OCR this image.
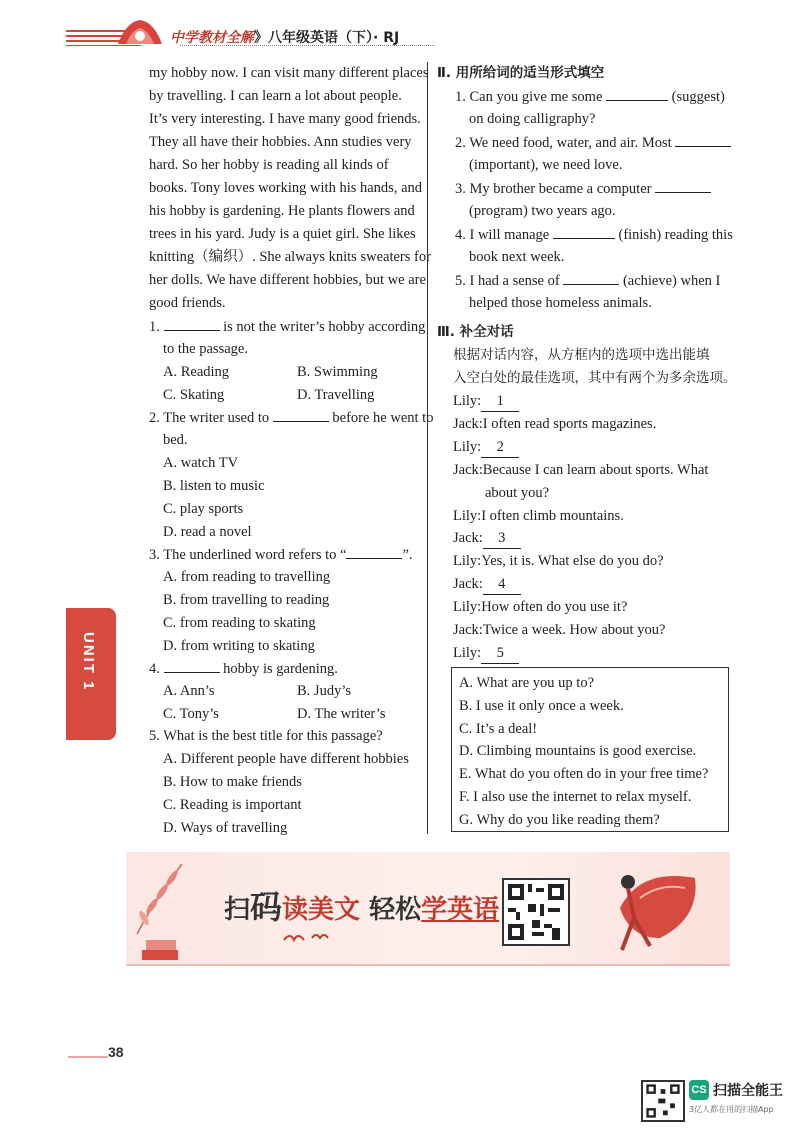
中学教材全解》八年级英语（下）· RJ
my hobby now. I can visit many different places
by travelling. I can learn a lot about people.
It’s very interesting. I have many good friends.
They all have their hobbies. Ann studies very
hard. So her hobby is reading all kinds of
books. Tony loves working with his hands, and
his hobby is gardening. He plants flowers and
trees in his yard. Judy is a quiet girl. She likes
knitting（编织）. She always knits sweaters for
her dolls. We have different hobbies, but we are
good friends.
1.	is not the writer’s hobby according
to the passage.
A. Reading	B. Swimming
C. Skating	D. Travelling
2. The writer used to	before he went to
bed.
A. watch TV
B. listen to music
C. play sports
D. read a novel
3. The underlined word refers to “	”.
A. from reading to travelling
B. from travelling to reading
C. from reading to skating
D. from writing to skating
4.	hobby is gardening.
A. Ann’s	B. Judy’s
C. Tony’s	D. The writer’s
5. What is the best title for this passage?
A. Different people have different hobbies
B. How to make friends
C. Reading is important
D. Ways of travelling
Ⅱ. 用所给词的适当形式填空
1. Can you give me some	(suggest)
on doing calligraphy?
2. We need food, water, and air. Most
(important), we need love.
3. My brother became a computer
(program) two years ago.
4. I will manage	(finish) reading this
book next week.
5. I had a sense of	(achieve) when I
helped those homeless animals.
Ⅲ. 补全对话
根据对话内容，从方框内的选项中选出能填
入空白处的最佳选项，其中有两个为多余选项。
Lily: 1
Jack:I often read sports magazines.
Lily: 2
Jack:Because I can learn about sports. What
about you?
Lily:I often climb mountains.
Jack: 3
Lily:Yes, it is. What else do you do?
Jack: 4
Lily:How often do you use it?
Jack:Twice a week. How about you?
Lily: 5
A. What are you up to?
B. I use it only once a week.
C. It’s a deal!
D. Climbing mountains is good exercise.
E. What do you often do in your free time?
F. I also use the internet to relax myself.
G. Why do you like reading them?
UNIT 1
扫码读美文 轻松学英语
38
CS 扫描全能王
3亿人都在用的扫描App
